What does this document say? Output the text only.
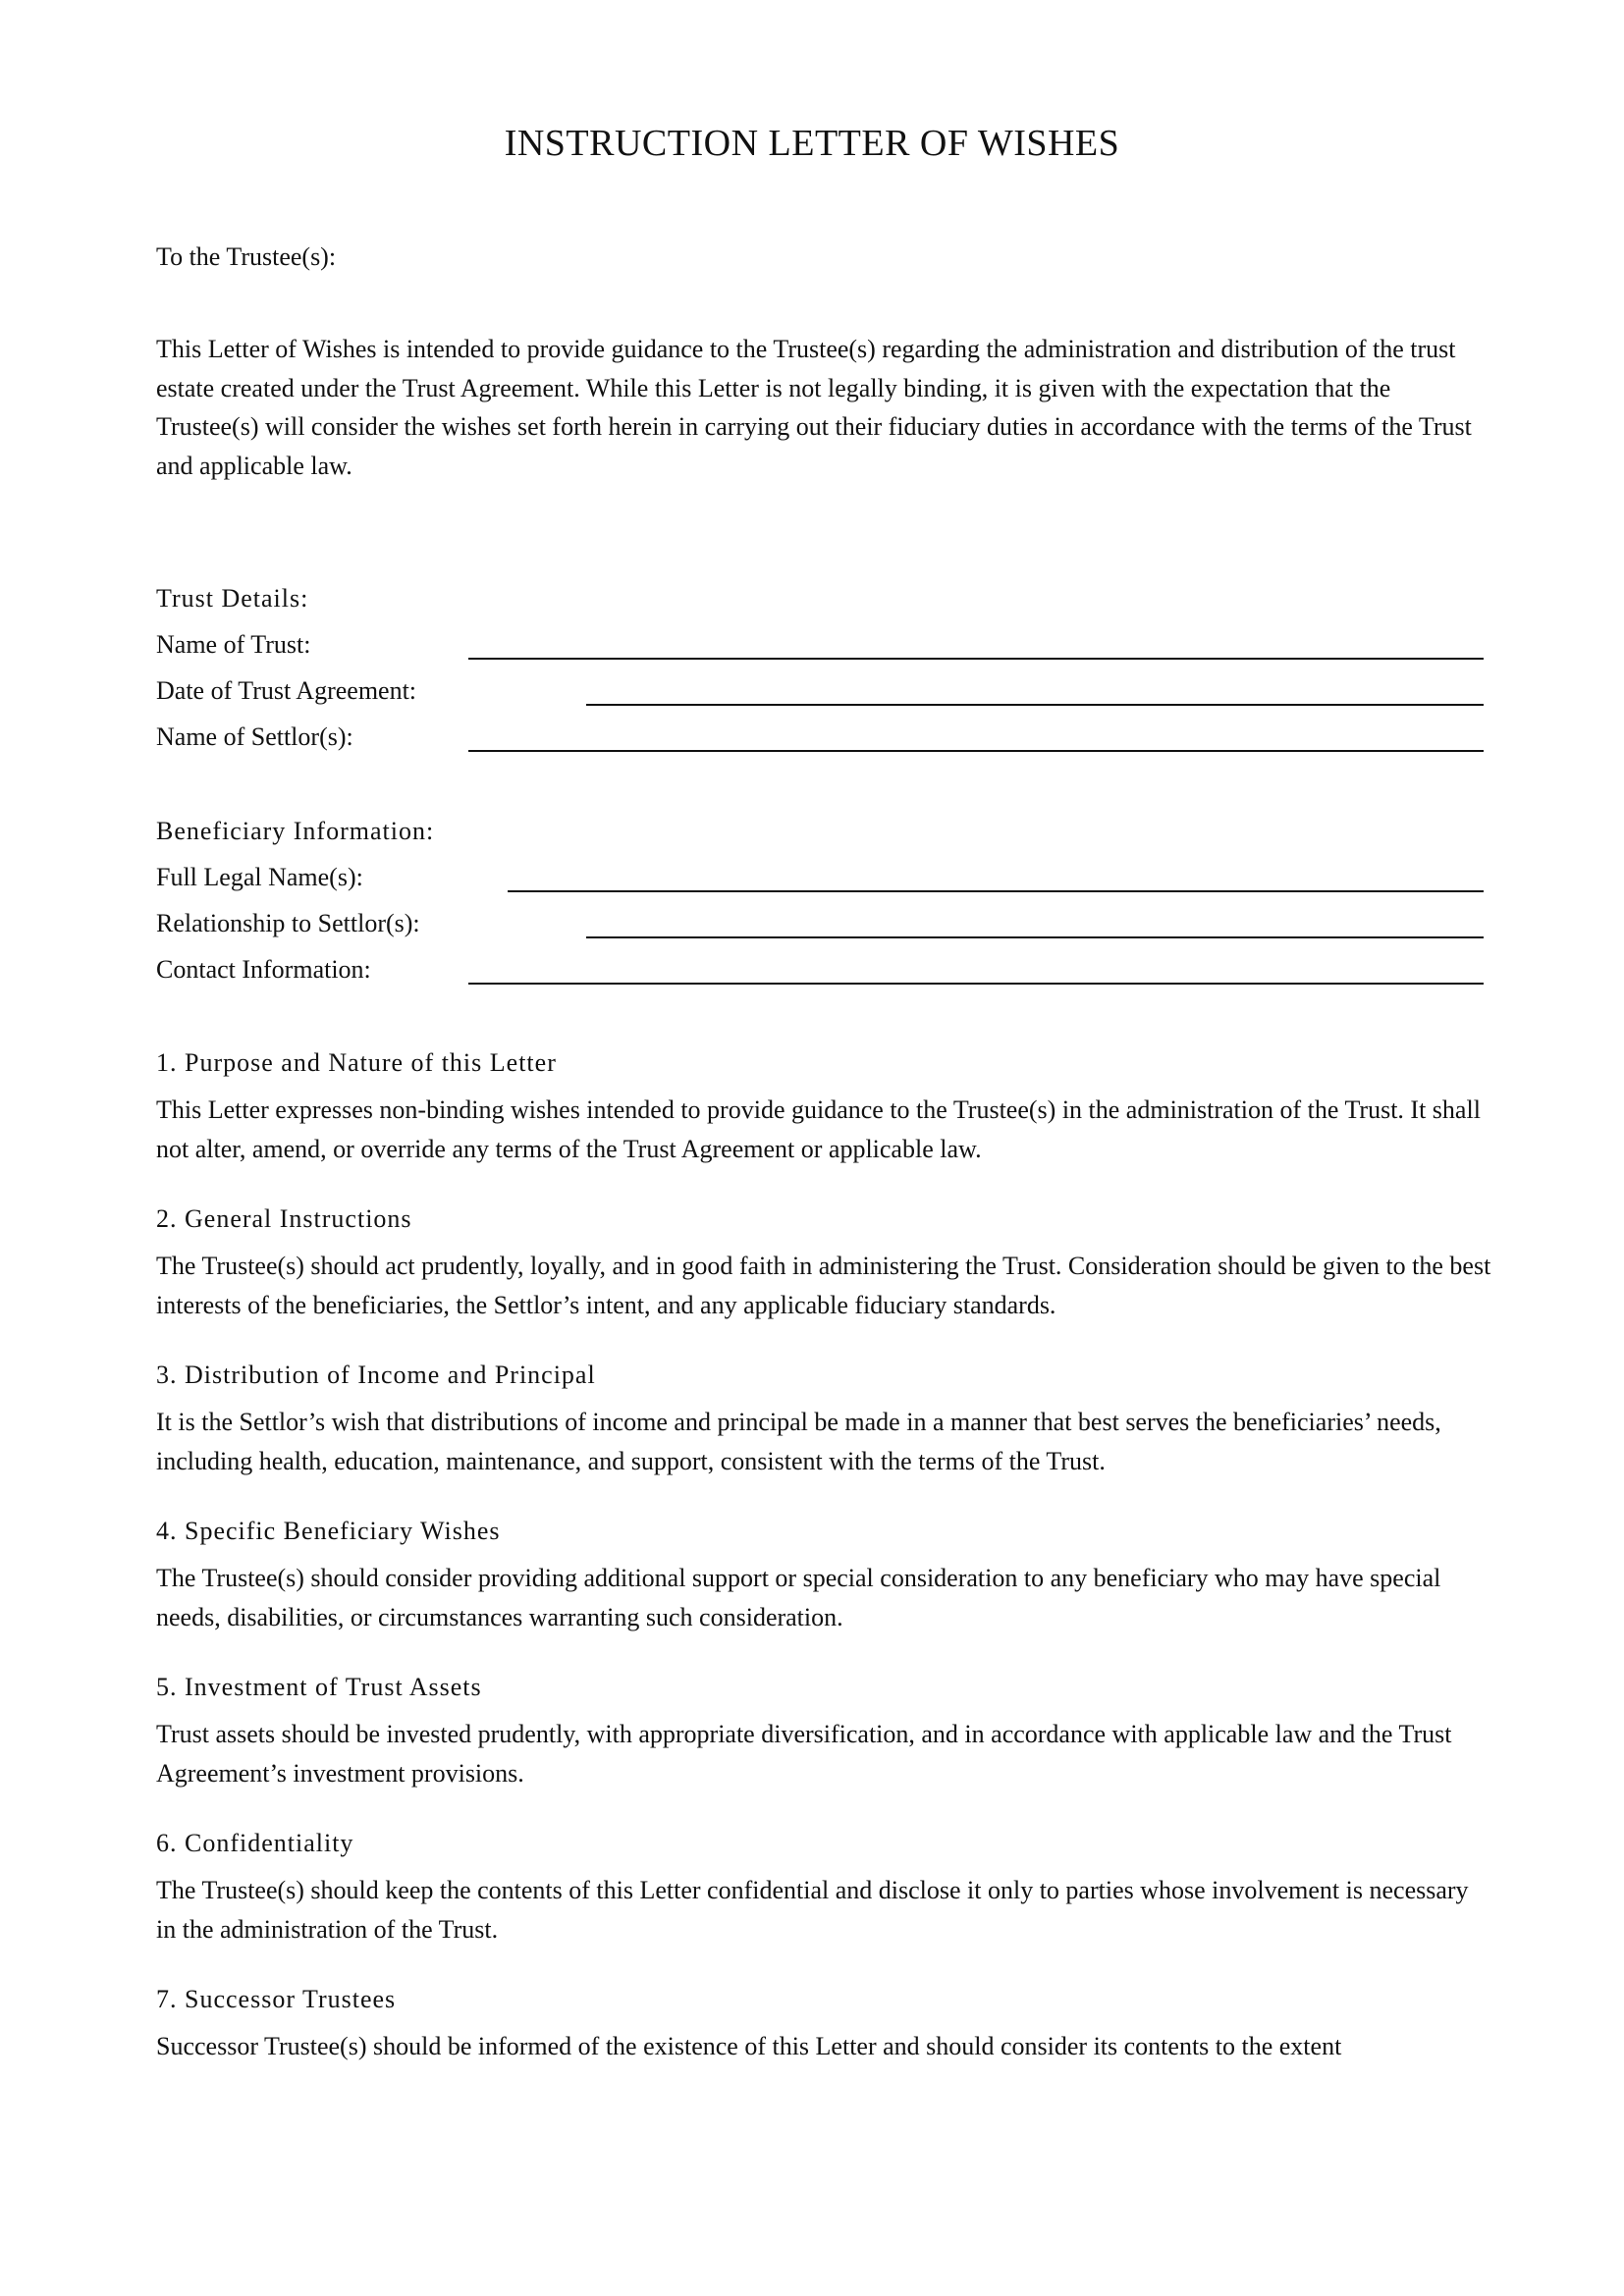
INSTRUCTION LETTER OF WISHES

To the Trustee(s):

This Letter of Wishes is intended to provide guidance to the Trustee(s) regarding the administration and distribution of the trust estate created under the Trust Agreement. While this Letter is not legally binding, it is given with the expectation that the Trustee(s) will consider the wishes set forth herein in carrying out their fiduciary duties in accordance with the terms of the Trust and applicable law.

Trust Details:

Name of Trust:
Date of Trust Agreement:
Name of Settlor(s):

Beneficiary Information:

Full Legal Name(s):
Relationship to Settlor(s):
Contact Information:
1. Purpose and Nature of this Letter

This Letter expresses non-binding wishes intended to provide guidance to the Trustee(s) in the administration of the Trust. It shall not alter, amend, or override any terms of the Trust Agreement or applicable law.

2. General Instructions

The Trustee(s) should act prudently, loyally, and in good faith in administering the Trust. Consideration should be given to the best interests of the beneficiaries, the Settlor’s intent, and any applicable fiduciary standards.

3. Distribution of Income and Principal

It is the Settlor’s wish that distributions of income and principal be made in a manner that best serves the beneficiaries’ needs, including health, education, maintenance, and support, consistent with the terms of the Trust.

4. Specific Beneficiary Wishes

The Trustee(s) should consider providing additional support or special consideration to any beneficiary who may have special needs, disabilities, or circumstances warranting such consideration.

5. Investment of Trust Assets

Trust assets should be invested prudently, with appropriate diversification, and in accordance with applicable law and the Trust Agreement’s investment provisions.

6. Confidentiality

The Trustee(s) should keep the contents of this Letter confidential and disclose it only to parties whose involvement is necessary in the administration of the Trust.

7. Successor Trustees

Successor Trustee(s) should be informed of the existence of this Letter and should consider its contents to the extent
